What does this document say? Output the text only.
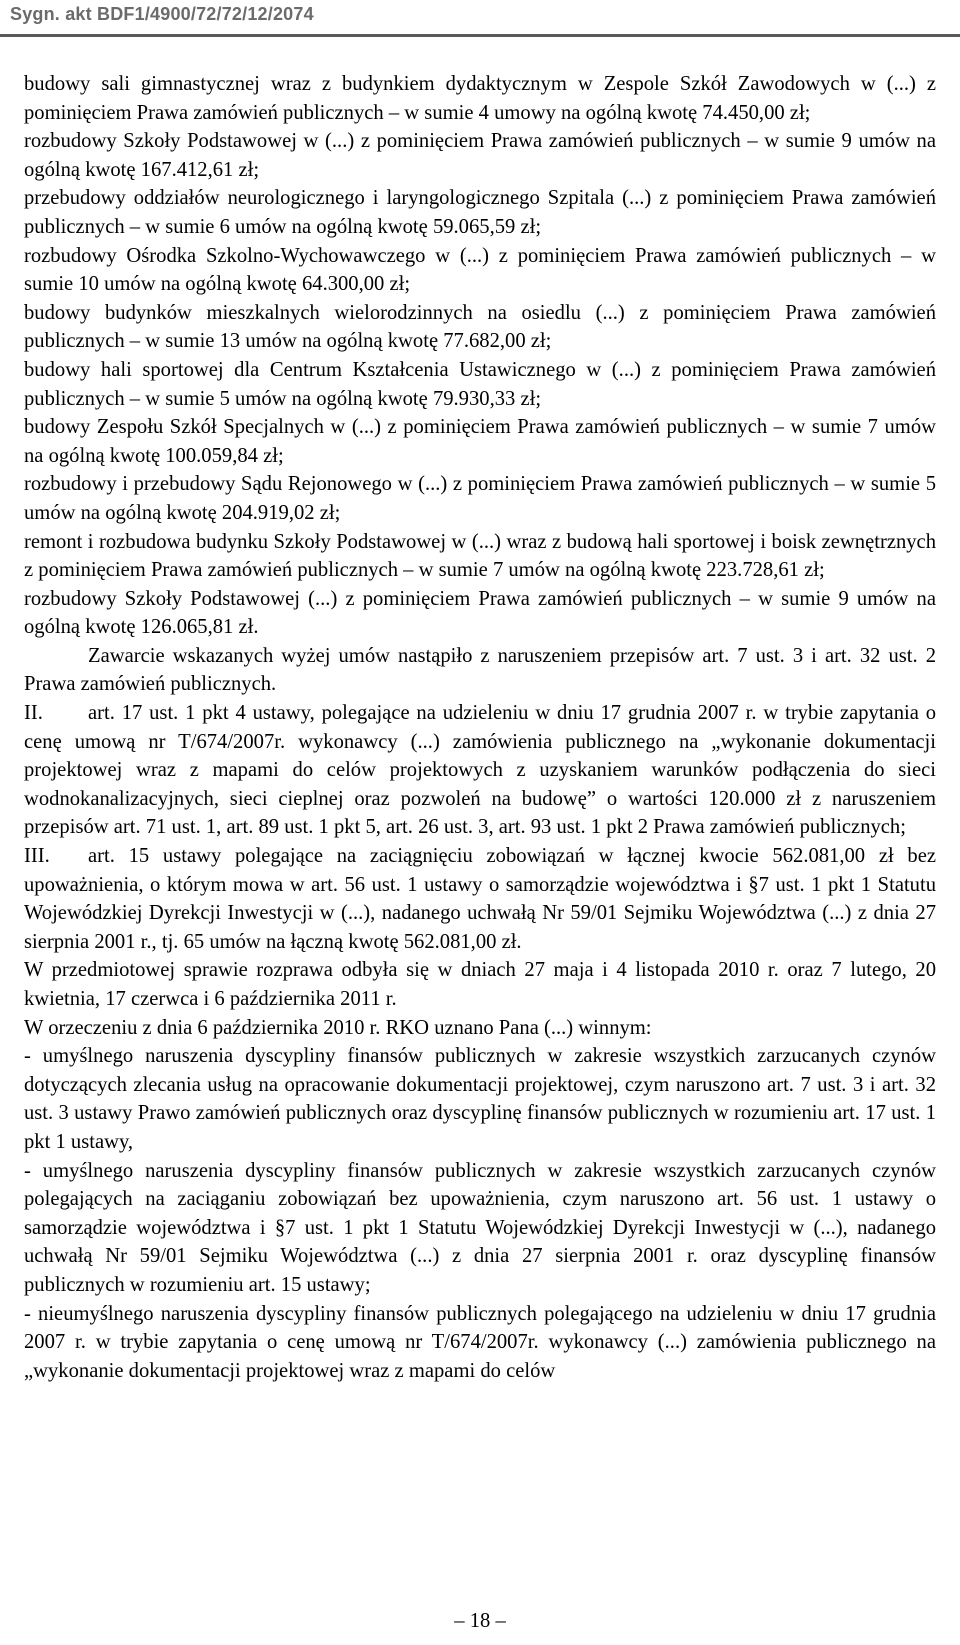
Sygn. akt BDF1/4900/72/72/12/2074

budowy sali gimnastycznej wraz z budynkiem dydaktycznym w Zespole Szkół Zawodowych w (...) z pominięciem Prawa zamówień publicznych – w sumie 4 umowy na ogólną kwotę 74.450,00 zł;

rozbudowy Szkoły Podstawowej w (...) z pominięciem Prawa zamówień publicznych – w sumie 9 umów na ogólną kwotę 167.412,61 zł;

przebudowy oddziałów neurologicznego i laryngologicznego Szpitala (...) z pominięciem Prawa zamówień publicznych – w sumie 6 umów na ogólną kwotę 59.065,59 zł;

rozbudowy Ośrodka Szkolno-Wychowawczego w (...) z pominięciem Prawa zamówień publicznych – w sumie 10 umów na ogólną kwotę 64.300,00 zł;

budowy budynków mieszkalnych wielorodzinnych na osiedlu (...) z pominięciem Prawa zamówień publicznych – w sumie 13 umów na ogólną kwotę 77.682,00 zł;

budowy hali sportowej dla Centrum Kształcenia Ustawicznego w (...) z pominięciem Prawa zamówień publicznych – w sumie 5 umów na ogólną kwotę 79.930,33 zł;

budowy Zespołu Szkół Specjalnych w (...) z pominięciem Prawa zamówień publicznych – w sumie 7 umów na ogólną kwotę 100.059,84 zł;

rozbudowy i przebudowy Sądu Rejonowego w (...) z pominięciem Prawa zamówień publicznych – w sumie 5 umów na ogólną kwotę 204.919,02 zł;

remont i rozbudowa budynku Szkoły Podstawowej w (...) wraz z budową hali sportowej i boisk zewnętrznych z pominięciem Prawa zamówień publicznych – w sumie 7 umów na ogólną kwotę 223.728,61 zł;

rozbudowy Szkoły Podstawowej (...) z pominięciem Prawa zamówień publicznych – w sumie 9 umów na ogólną kwotę 126.065,81 zł.

Zawarcie wskazanych wyżej umów nastąpiło z naruszeniem przepisów art. 7 ust. 3 i art. 32 ust. 2 Prawa zamówień publicznych.

II. art. 17 ust. 1 pkt 4 ustawy, polegające na udzieleniu w dniu 17 grudnia 2007 r. w trybie zapytania o cenę umową nr T/674/2007r. wykonawcy (...) zamówienia publicznego na „wykonanie dokumentacji projektowej wraz z mapami do celów projektowych z uzyskaniem warunków podłączenia do sieci wodnokanalizacyjnych, sieci cieplnej oraz pozwoleń na budowę” o wartości 120.000 zł z naruszeniem przepisów art. 71 ust. 1, art. 89 ust. 1 pkt 5, art. 26 ust. 3, art. 93 ust. 1 pkt 2 Prawa zamówień publicznych;

III. art. 15 ustawy polegające na zaciągnięciu zobowiązań w łącznej kwocie 562.081,00 zł bez upoważnienia, o którym mowa w art. 56 ust. 1 ustawy o samorządzie województwa i §7 ust. 1 pkt 1 Statutu Wojewódzkiej Dyrekcji Inwestycji w (...), nadanego uchwałą Nr 59/01 Sejmiku Województwa (...) z dnia 27 sierpnia 2001 r., tj. 65 umów na łączną kwotę 562.081,00 zł.

W przedmiotowej sprawie rozprawa odbyła się w dniach 27 maja i 4 listopada 2010 r. oraz 7 lutego, 20 kwietnia, 17 czerwca i 6 października 2011 r.

W orzeczeniu z dnia 6 października 2010 r. RKO uznano Pana (...) winnym:

- umyślnego naruszenia dyscypliny finansów publicznych w zakresie wszystkich zarzucanych czynów dotyczących zlecania usług na opracowanie dokumentacji projektowej, czym naruszono art. 7 ust. 3 i art. 32 ust. 3 ustawy Prawo zamówień publicznych oraz dyscyplinę finansów publicznych w rozumieniu art. 17 ust. 1 pkt 1 ustawy,

- umyślnego naruszenia dyscypliny finansów publicznych w zakresie wszystkich zarzucanych czynów polegających na zaciąganiu zobowiązań bez upoważnienia, czym naruszono art. 56 ust. 1 ustawy o samorządzie województwa i §7 ust. 1 pkt 1 Statutu Wojewódzkiej Dyrekcji Inwestycji w (...), nadanego uchwałą Nr 59/01 Sejmiku Województwa (...) z dnia 27 sierpnia 2001 r. oraz dyscyplinę finansów publicznych w rozumieniu art. 15 ustawy;

- nieumyślnego naruszenia dyscypliny finansów publicznych polegającego na udzieleniu w dniu 17 grudnia 2007 r. w trybie zapytania o cenę umową nr T/674/2007r. wykonawcy (...) zamówienia publicznego na „wykonanie dokumentacji projektowej wraz z mapami do celów

– 18 –
